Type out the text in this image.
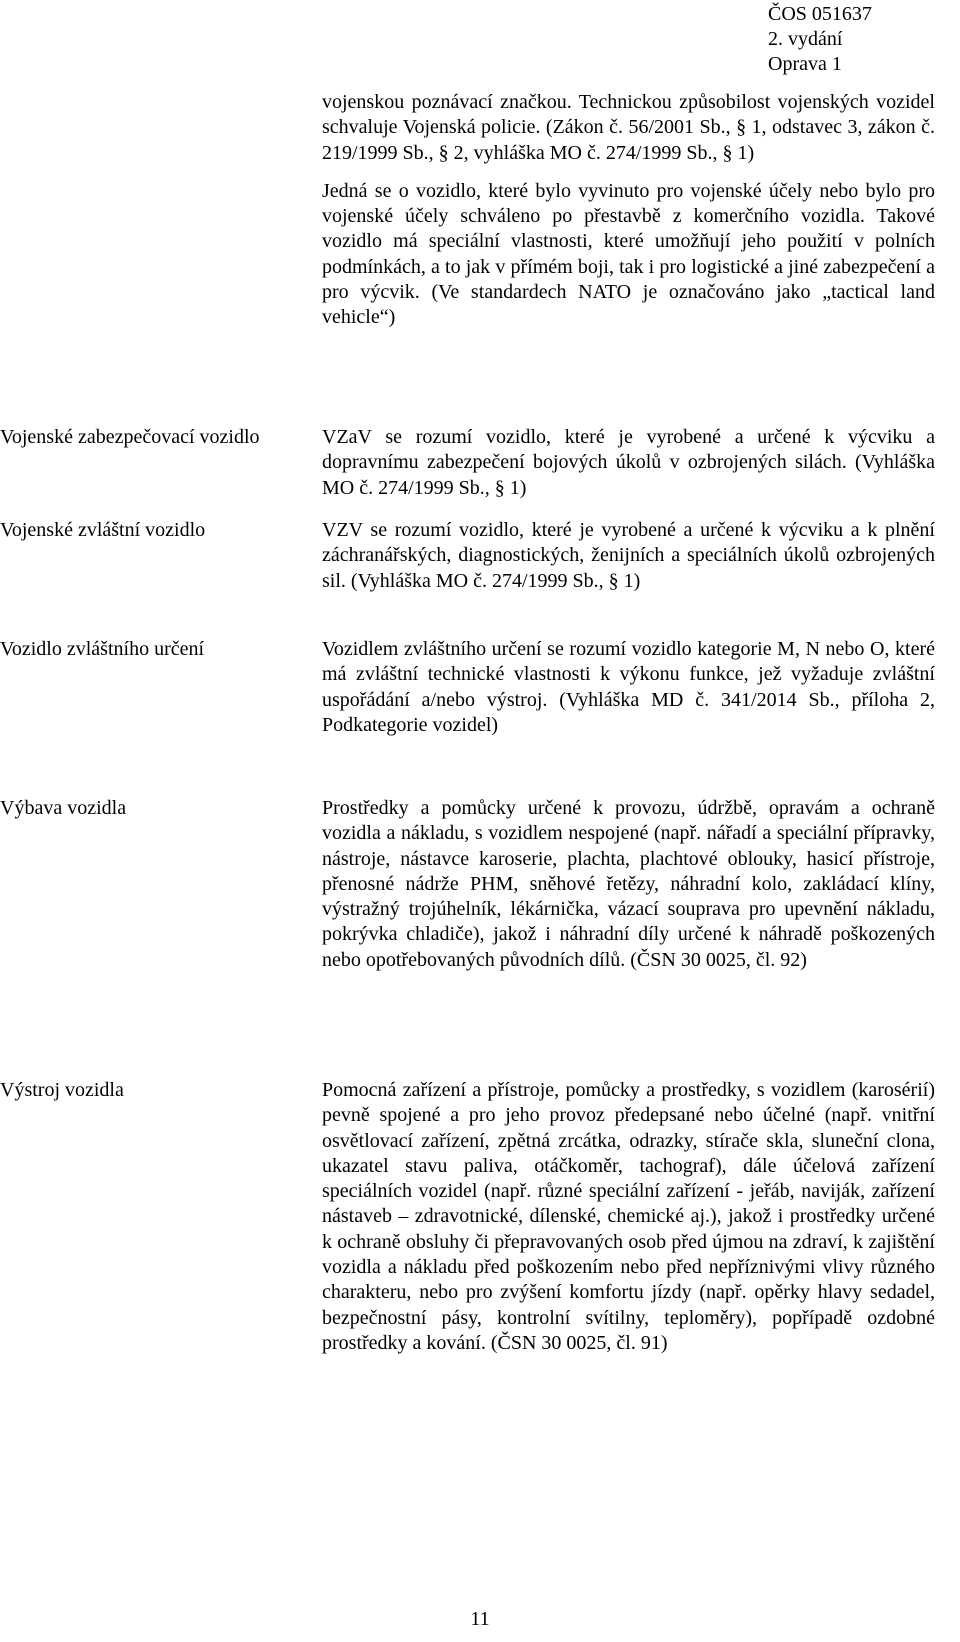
ČOS 051637
2. vydání
Oprava 1

vojenskou poznávací značkou. Technickou způsobilost vojenských vozidel schvaluje Vojenská policie. (Zákon č. 56/2001 Sb., § 1, odstavec 3, zákon č. 219/1999 Sb., § 2, vyhláška MO č. 274/1999 Sb., § 1)

Jedná se o vozidlo, které bylo vyvinuto pro vojenské účely nebo bylo pro vojenské účely schváleno po přestavbě z komerčního vozidla. Takové vozidlo má speciální vlastnosti, které umožňují jeho použití v polních podmínkách, a to jak v přímém boji, tak i pro logistické a jiné zabezpečení a pro výcvik. (Ve standardech NATO je označováno jako „tactical land vehicle“)

Vojenské zabezpečovací vozidlo	VZaV se rozumí vozidlo, které je vyrobené a určené k výcviku a dopravnímu zabezpečení bojových úkolů v ozbrojených silách. (Vyhláška MO č. 274/1999 Sb., § 1)

Vojenské zvláštní vozidlo	VZV se rozumí vozidlo, které je vyrobené a určené k výcviku a k plnění záchranářských, diagnostických, ženijních a speciálních úkolů ozbrojených sil. (Vyhláška MO č. 274/1999 Sb., § 1)

Vozidlo zvláštního určení	Vozidlem zvláštního určení se rozumí vozidlo kategorie M, N nebo O, které má zvláštní technické vlastnosti k výkonu funkce, jež vyžaduje zvláštní uspořádání a/nebo výstroj. (Vyhláška MD č. 341/2014 Sb., příloha 2, Podkategorie vozidel)

Výbava vozidla	Prostředky a pomůcky určené k provozu, údržbě, opravám a ochraně vozidla a nákladu, s vozidlem nespojené (např. nářadí a speciální přípravky, nástroje, nástavce karoserie, plachta, plachtové oblouky, hasicí přístroje, přenosné nádrže PHM, sněhové řetězy, náhradní kolo, zakládací klíny, výstražný trojúhelník, lékárnička, vázací souprava pro upevnění nákladu, pokrývka chladiče), jakož i náhradní díly určené k náhradě poškozených nebo opotřebovaných původních dílů. (ČSN 30 0025, čl. 92)

Výstroj vozidla	Pomocná zařízení a přístroje, pomůcky a prostředky, s vozidlem (karosérií) pevně spojené a pro jeho provoz předepsané nebo účelné (např. vnitřní osvětlovací zařízení, zpětná zrcátka, odrazky, stírače skla, sluneční clona, ukazatel stavu paliva, otáčkoměr, tachograf), dále účelová zařízení speciálních vozidel (např. různé speciální zařízení - jeřáb, naviják, zařízení nástaveb – zdravotnické, dílenské, chemické aj.), jakož i prostředky určené k ochraně obsluhy či přepravovaných osob před újmou na zdraví, k zajištění vozidla a nákladu před poškozením nebo před nepříznivými vlivy různého charakteru, nebo pro zvýšení komfortu jízdy (např. opěrky hlavy sedadel, bezpečnostní pásy, kontrolní svítilny, teploměry), popřípadě ozdobné prostředky a kování. (ČSN 30 0025, čl. 91)

11
